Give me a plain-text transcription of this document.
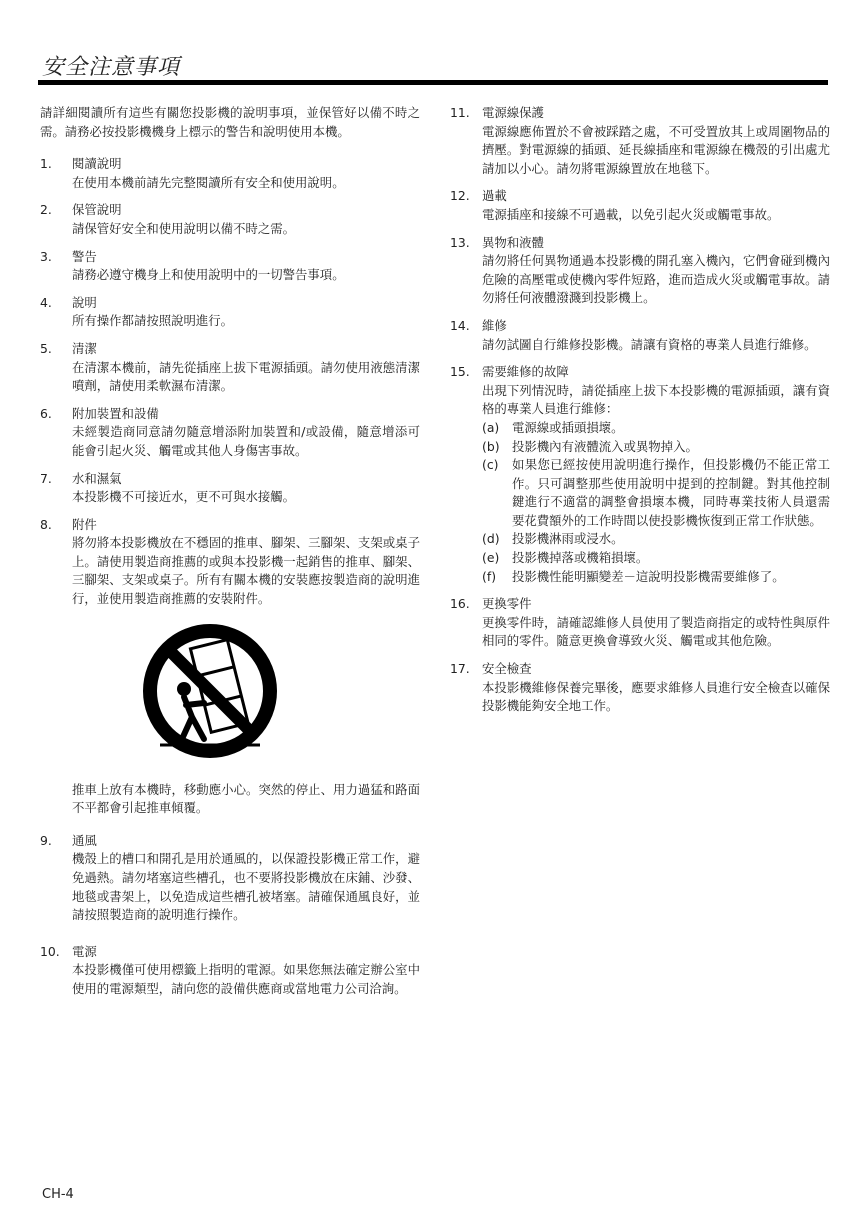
安全注意事項

請詳細閱讀所有這些有關您投影機的說明事項，並保管好以備不時之需。請務必按投影機機身上標示的警告和說明使用本機。

1. 閱讀說明
在使用本機前請先完整閱讀所有安全和使用說明。
2. 保管說明
請保管好安全和使用說明以備不時之需。
3. 警告
請務必遵守機身上和使用說明中的一切警告事項。
4. 說明
所有操作都請按照說明進行。
5. 清潔
在清潔本機前，請先從插座上拔下電源插頭。請勿使用液態清潔噴劑，請使用柔軟濕布清潔。
6. 附加裝置和設備
未經製造商同意請勿隨意增添附加裝置和/或設備，隨意增添可能會引起火災、觸電或其他人身傷害事故。
7. 水和濕氣
本投影機不可接近水，更不可與水接觸。
8. 附件
將勿將本投影機放在不穩固的推車、腳架、三腳架、支架或桌子上。請使用製造商推薦的或與本投影機一起銷售的推車、腳架、三腳架、支架或桌子。所有有關本機的安裝應按製造商的說明進行，並使用製造商推薦的安裝附件。
推車上放有本機時，移動應小心。突然的停止、用力過猛和路面不平都會引起推車傾覆。
9. 通風
機殼上的槽口和開孔是用於通風的，以保證投影機正常工作，避免過熱。請勿堵塞這些槽孔，也不要將投影機放在床鋪、沙發、地毯或書架上，以免造成這些槽孔被堵塞。請確保通風良好，並請按照製造商的說明進行操作。
10. 電源
本投影機僅可使用標籤上指明的電源。如果您無法確定辦公室中使用的電源類型，請向您的設備供應商或當地電力公司洽詢。
11. 電源線保護
電源線應佈置於不會被踩踏之處，不可受置放其上或周圍物品的擠壓。對電源線的插頭、延長線插座和電源線在機殼的引出處尤請加以小心。請勿將電源線置放在地毯下。
12. 過載
電源插座和接線不可過載，以免引起火災或觸電事故。
13. 異物和液體
請勿將任何異物通過本投影機的開孔塞入機內，它們會碰到機內危險的高壓電或使機內零件短路，進而造成火災或觸電事故。請勿將任何液體潑濺到投影機上。
14. 維修
請勿試圖自行維修投影機。請讓有資格的專業人員進行維修。
15. 需要維修的故障
出現下列情況時，請從插座上拔下本投影機的電源插頭，讓有資格的專業人員進行維修：
(a) 電源線或插頭損壞。
(b) 投影機內有液體流入或異物掉入。
(c) 如果您已經按使用說明進行操作，但投影機仍不能正常工作。只可調整那些使用說明中提到的控制鍵。對其他控制鍵進行不適當的調整會損壞本機，同時專業技術人員還需要花費額外的工作時間以使投影機恢復到正常工作狀態。
(d) 投影機淋雨或浸水。
(e) 投影機掉落或機箱損壞。
(f) 投影機性能明顯變差－這說明投影機需要維修了。
16. 更換零件
更換零件時，請確認維修人員使用了製造商指定的或特性與原件相同的零件。隨意更換會導致火災、觸電或其他危險。
17. 安全檢查
本投影機維修保養完畢後，應要求維修人員進行安全檢查以確保投影機能夠安全地工作。
CH-4
